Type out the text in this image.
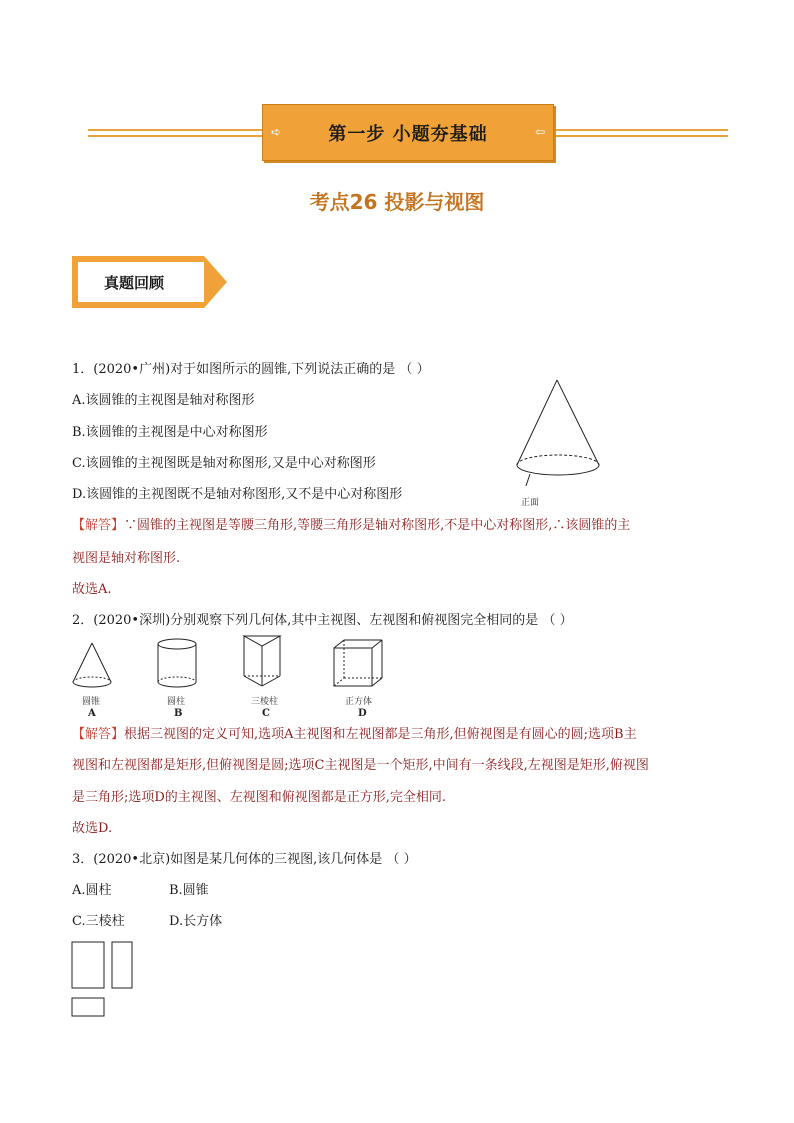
➪	第一步 小题夯基础	⇦
考点26 投影与视图
真题回顾
1．(2020•广州)对于如图所示的圆锥,下列说法正确的是 （ ）
A.该圆锥的主视图是轴对称图形
B.该圆锥的主视图是中心对称图形
C.该圆锥的主视图既是轴对称图形,又是中心对称图形
D.该圆锥的主视图既不是轴对称图形,又不是中心对称图形
正面
【解答】∵圆锥的主视图是等腰三角形,等腰三角形是轴对称图形,不是中心对称图形,∴该圆锥的主
视图是轴对称图形.
故选A.
2．(2020•深圳)分别观察下列几何体,其中主视图、左视图和俯视图完全相同的是 （ ）
圆锥	圆柱	三棱柱	正方体
A	B	C	D
【解答】根据三视图的定义可知,选项A主视图和左视图都是三角形,但俯视图是有圆心的圆;选项B主
视图和左视图都是矩形,但俯视图是圆;选项C主视图是一个矩形,中间有一条线段,左视图是矩形,俯视图
是三角形;选项D的主视图、左视图和俯视图都是正方形,完全相同.
故选D.
3．(2020•北京)如图是某几何体的三视图,该几何体是 （ ）
A.圆柱	B.圆锥
C.三棱柱	D.长方体
